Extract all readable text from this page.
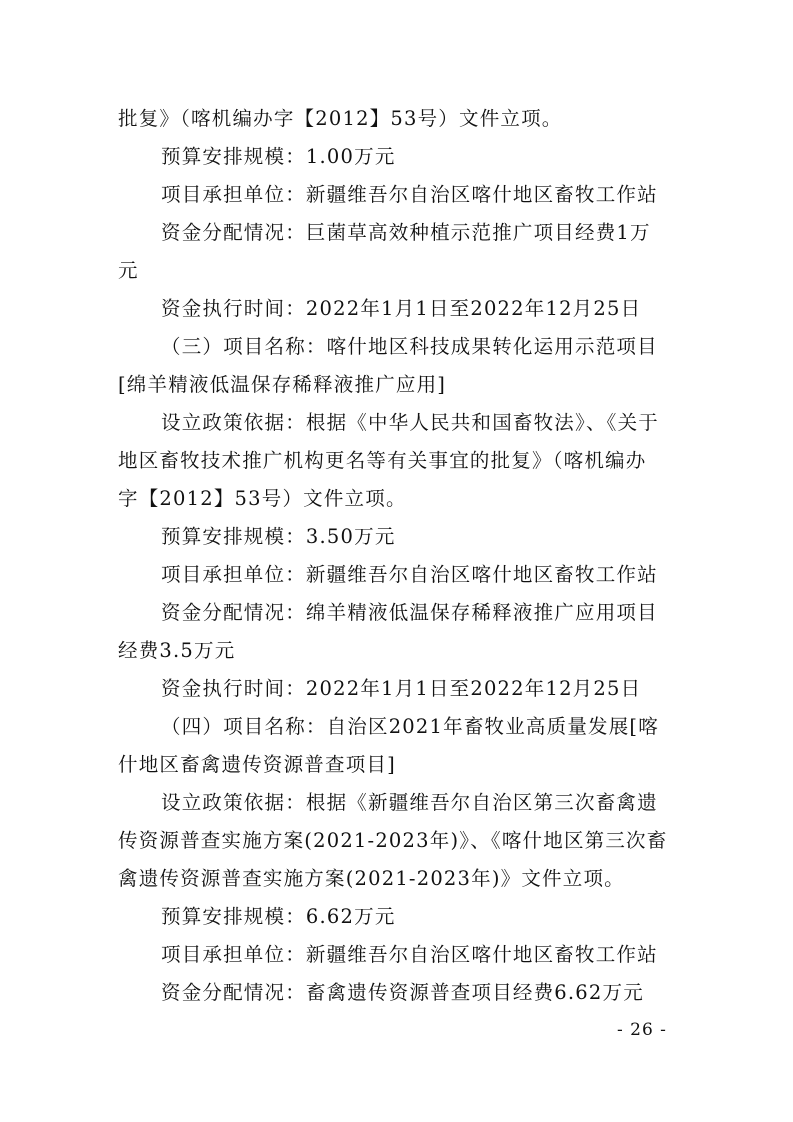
批复》（喀机编办字【2012】53号）文件立项。
预算安排规模：1.00万元
项目承担单位：新疆维吾尔自治区喀什地区畜牧工作站
资金分配情况：巨菌草高效种植示范推广项目经费1万
元
资金执行时间：2022年1月1日至2022年12月25日
（三）项目名称：喀什地区科技成果转化运用示范项目
[绵羊精液低温保存稀释液推广应用]
设立政策依据：根据《中华人民共和国畜牧法》、《关于
地区畜牧技术推广机构更名等有关事宜的批复》（喀机编办
字【2012】53号）文件立项。
预算安排规模：3.50万元
项目承担单位：新疆维吾尔自治区喀什地区畜牧工作站
资金分配情况：绵羊精液低温保存稀释液推广应用项目
经费3.5万元
资金执行时间：2022年1月1日至2022年12月25日
（四）项目名称：自治区2021年畜牧业高质量发展[喀
什地区畜禽遗传资源普查项目]
设立政策依据：根据《新疆维吾尔自治区第三次畜禽遗
传资源普查实施方案(2021-2023年)》、《喀什地区第三次畜
禽遗传资源普查实施方案(2021-2023年)》文件立项。
预算安排规模：6.62万元
项目承担单位：新疆维吾尔自治区喀什地区畜牧工作站
资金分配情况：畜禽遗传资源普查项目经费6.62万元
- 26 -
